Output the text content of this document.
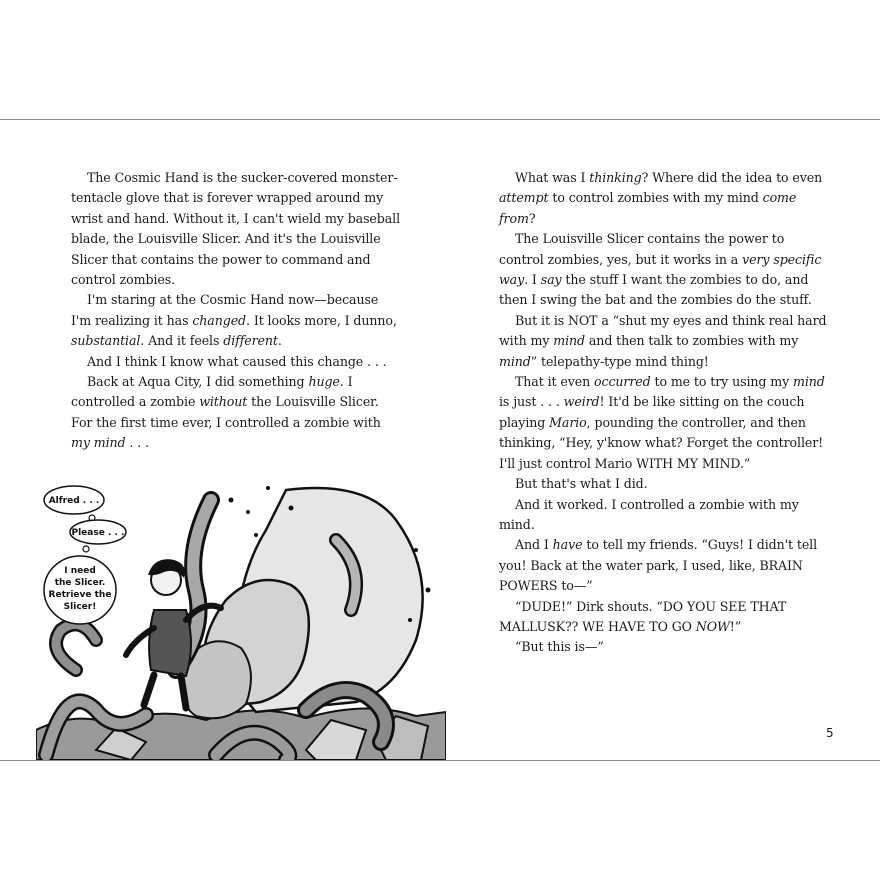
The Cosmic Hand is the sucker-covered monster-tentacle glove that is forever wrapped around my wrist and hand. Without it, I can't wield my baseball blade, the Louisville Slicer. And it's the Louisville Slicer that contains the power to command and control zombies.

I'm staring at the Cosmic Hand now—because I'm realizing it has changed. It looks more, I dunno, substantial. And it feels different.

And I think I know what caused this change . . .

Back at Aqua City, I did something huge. I controlled a zombie without the Louisville Slicer. For the first time ever, I controlled a zombie with my mind . . .

Alfred . . .
Please . . .
I need
the Slicer.
Retrieve the
Slicer!

What was I thinking? Where did the idea to even attempt to control zombies with my mind come from?

The Louisville Slicer contains the power to control zombies, yes, but it works in a very specific way. I say the stuff I want the zombies to do, and then I swing the bat and the zombies do the stuff.

But it is NOT a “shut my eyes and think real hard with my mind and then talk to zombies with my mind” telepathy-type mind thing!

That it even occurred to me to try using my mind is just . . . weird! It'd be like sitting on the couch playing Mario, pounding the controller, and then thinking, “Hey, y'know what? Forget the controller! I'll just control Mario WITH MY MIND.”

But that's what I did.

And it worked. I controlled a zombie with my mind.

And I have to tell my friends. “Guys! I didn't tell you! Back at the water park, I used, like, BRAIN POWERS to—”

“DUDE!” Dirk shouts. “DO YOU SEE THAT MALLUSK?? WE HAVE TO GO NOW!”

“But this is—”

5
